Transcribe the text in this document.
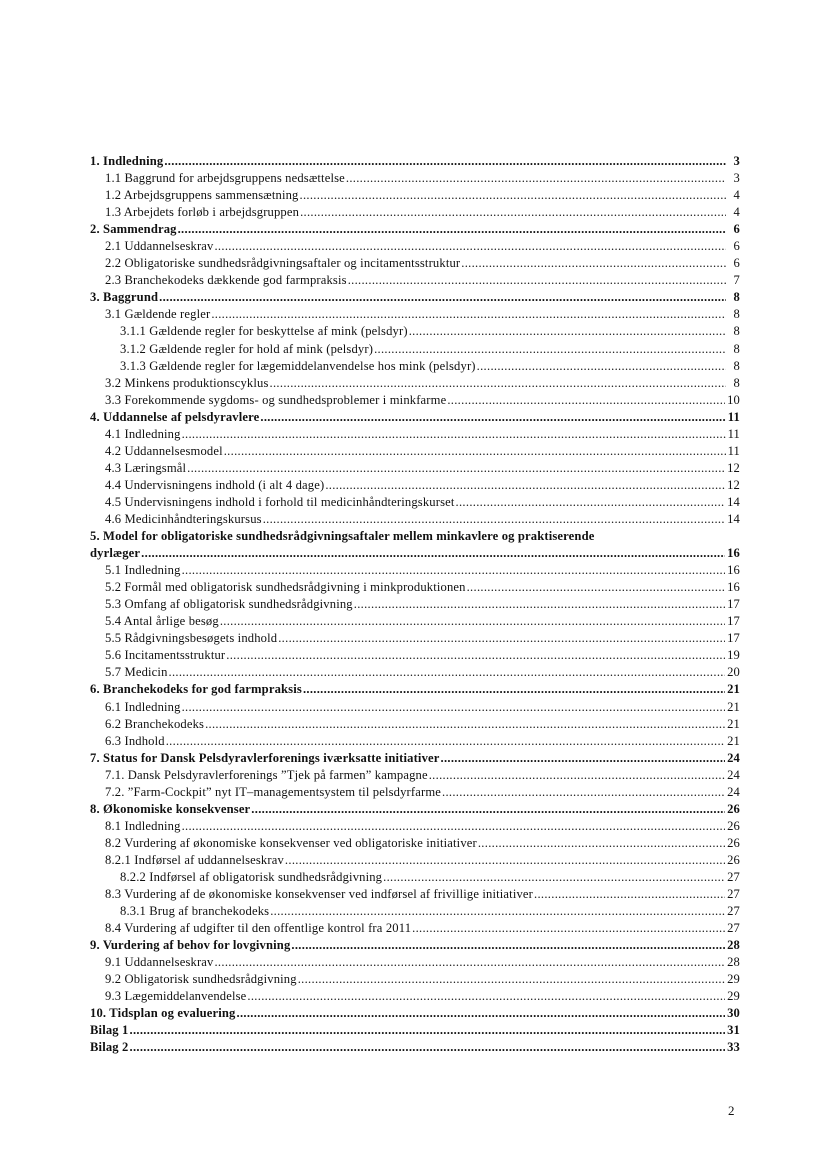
1. Indledning .....	3
1.1 Baggrund for arbejdsgruppens nedsættelse .....	3
1.2 Arbejdsgruppens sammensætning .....	4
1.3 Arbejdets forløb i arbejdsgruppen .....	4
2. Sammendrag .....	6
2.1 Uddannelseskrav .....	6
2.2 Obligatoriske sundhedsrådgivningsaftaler og incitamentsstruktur .....	6
2.3 Branchekodeks dækkende god farmpraksis .....	7
3. Baggrund .....	8
3.1 Gældende regler .....	8
3.1.1 Gældende regler for beskyttelse af mink (pelsdyr) .....	8
3.1.2 Gældende regler for hold af mink (pelsdyr) .....	8
3.1.3 Gældende regler for lægemiddelanvendelse hos mink (pelsdyr) .....	8
3.2 Minkens produktionscyklus .....	8
3.3 Forekommende sygdoms- og sundhedsproblemer i minkfarme .....	10
4. Uddannelse af pelsdyravlere .....	11
4.1 Indledning .....	11
4.2 Uddannelsesmodel .....	11
4.3 Læringsmål .....	12
4.4 Undervisningens indhold (i alt 4 dage) .....	12
4.5 Undervisningens indhold i forhold til medicinhåndteringskurset .....	14
4.6 Medicinhåndteringskursus .....	14
5. Model for obligatoriske sundhedsrådgivningsaftaler mellem minkavlere og praktiserende
dyrlæger .....	16
5.1 Indledning .....	16
5.2 Formål med obligatorisk sundhedsrådgivning i minkproduktionen .....	16
5.3 Omfang af obligatorisk sundhedsrådgivning .....	17
5.4 Antal årlige besøg .....	17
5.5 Rådgivningsbesøgets indhold .....	17
5.6 Incitamentsstruktur .....	19
5.7 Medicin .....	20
6. Branchekodeks for god farmpraksis .....	21
6.1 Indledning .....	21
6.2 Branchekodeks .....	21
6.3 Indhold .....	21
7. Status for Dansk Pelsdyravlerforenings iværksatte initiativer .....	24
7.1. Dansk Pelsdyravlerforenings ”Tjek på farmen” kampagne .....	24
7.2. ”Farm-Cockpit” nyt IT–managementsystem til pelsdyrfarme .....	24
8. Økonomiske konsekvenser .....	26
8.1 Indledning .....	26
8.2 Vurdering af økonomiske konsekvenser ved obligatoriske initiativer .....	26
8.2.1 Indførsel af uddannelseskrav .....	26
8.2.2 Indførsel af obligatorisk sundhedsrådgivning .....	27
8.3 Vurdering af de økonomiske konsekvenser ved indførsel af frivillige initiativer .....	27
8.3.1 Brug af branchekodeks .....	27
8.4 Vurdering af udgifter til den offentlige kontrol fra 2011 .....	27
9. Vurdering af behov for lovgivning .....	28
9.1 Uddannelseskrav .....	28
9.2 Obligatorisk sundhedsrådgivning .....	29
9.3 Lægemiddelanvendelse .....	29
10. Tidsplan og evaluering .....	30
Bilag 1 .....	31
Bilag 2 .....	33
2
